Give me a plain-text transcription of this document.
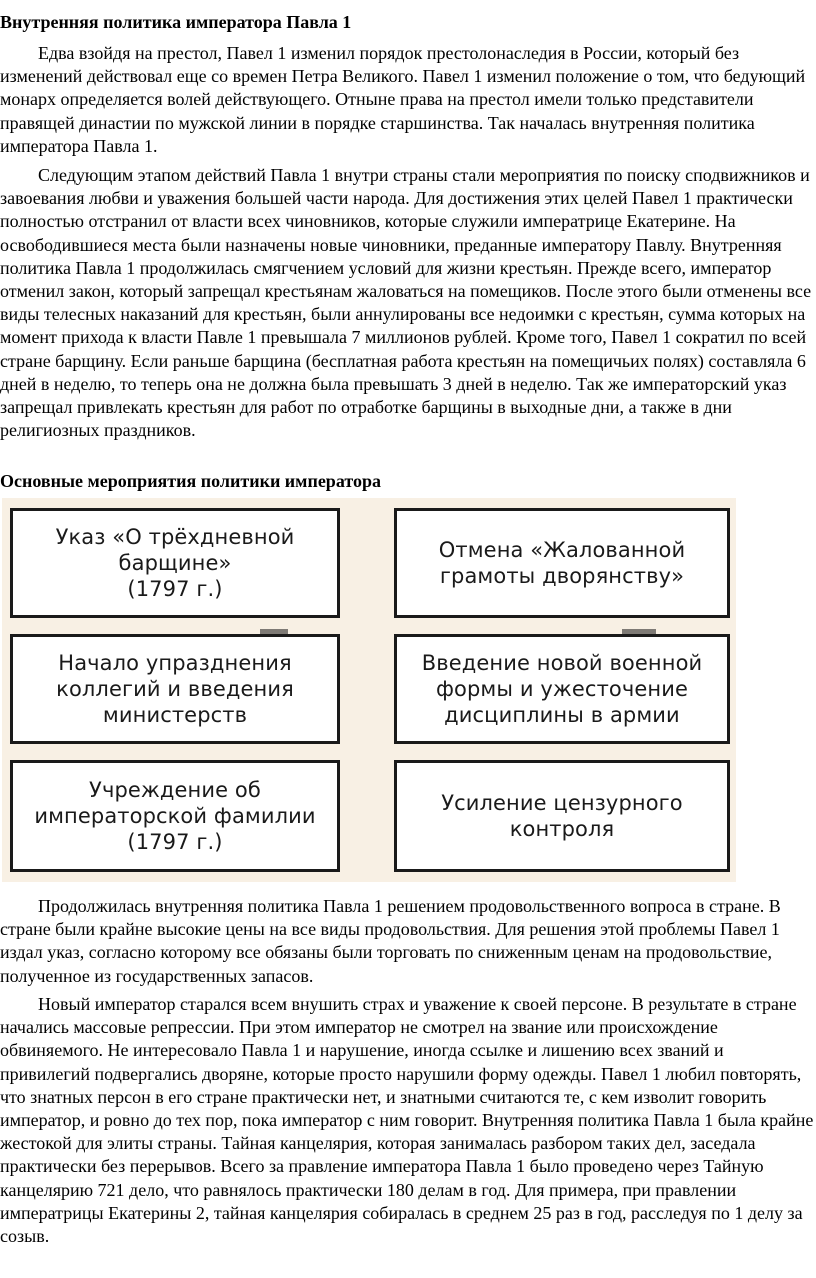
Внутренняя политика императора Павла 1

Едва взойдя на престол, Павел 1 изменил порядок престолонаследия в России, который без изменений действовал еще со времен Петра Великого. Павел 1 изменил положение о том, что бедующий монарх определяется волей действующего. Отныне права на престол имели только представители правящей династии по мужской линии в порядке старшинства. Так началась внутренняя политика императора Павла 1.

Следующим этапом действий Павла 1 внутри страны стали мероприятия по поиску сподвижников и завоевания любви и уважения большей части народа. Для достижения этих целей Павел 1 практически полностью отстранил от власти всех чиновников, которые служили императрице Екатерине. На освободившиеся места были назначены новые чиновники, преданные императору Павлу. Внутренняя политика Павла 1 продолжилась смягчением условий для жизни крестьян. Прежде всего, император отменил закон, который запрещал крестьянам жаловаться на помещиков. После этого были отменены все виды телесных наказаний для крестьян, были аннулированы все недоимки с крестьян, сумма которых на момент прихода к власти Павле 1 превышала 7 миллионов рублей. Кроме того, Павел 1 сократил по всей стране барщину. Если раньше барщина (бесплатная работа крестьян на помещичьих полях) составляла 6 дней в неделю, то теперь она не должна была превышать 3 дней в неделю. Так же императорский указ запрещал привлекать крестьян для работ по отработке барщины в выходные дни, а также в дни религиозных праздников.

Основные мероприятия политики императора
Указ «О трёхдневной
барщине»
(1797 г.)
Отмена «Жалованной
грамоты дворянству»
Начало упразднения
коллегий и введения
министерств
Введение новой военной
формы и ужесточение
дисциплины в армии
Учреждение об
императорской фамилии
(1797 г.)
Усиление цензурного
контроля

Продолжилась внутренняя политика Павла 1 решением продовольственного вопроса в стране. В стране были крайне высокие цены на все виды продовольствия. Для решения этой проблемы Павел 1 издал указ, согласно которому все обязаны были торговать по сниженным ценам на продовольствие, полученное из государственных запасов.

Новый император старался всем внушить страх и уважение к своей персоне. В результате в стране начались массовые репрессии. При этом император не смотрел на звание или происхождение обвиняемого. Не интересовало Павла 1 и нарушение, иногда ссылке и лишению всех званий и привилегий подвергались дворяне, которые просто нарушили форму одежды. Павел 1 любил повторять, что знатных персон в его стране практически нет, и знатными считаются те, с кем изволит говорить император, и ровно до тех пор, пока император с ним говорит. Внутренняя политика Павла 1 была крайне жестокой для элиты страны. Тайная канцелярия, которая занималась разбором таких дел, заседала практически без перерывов. Всего за правление императора Павла 1 было проведено через Тайную канцелярию 721 дело, что равнялось практически 180 делам в год. Для примера, при правлении императрицы Екатерины 2, тайная канцелярия собиралась в среднем 25 раз в год, расследуя по 1 делу за созыв.
